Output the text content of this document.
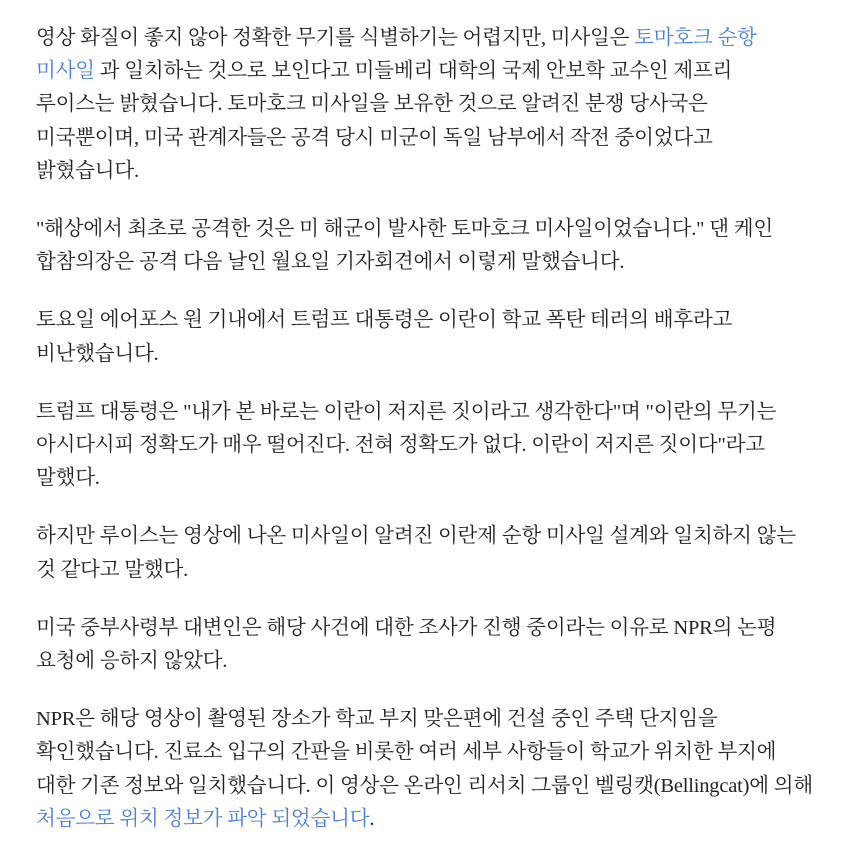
영상 화질이 좋지 않아 정확한 무기를 식별하기는 어렵지만, 미사일은 토마호크 순항 미사일 과 일치하는 것으로 보인다고 미들베리 대학의 국제 안보학 교수인 제프리 루이스는 밝혔습니다. 토마호크 미사일을 보유한 것으로 알려진 분쟁 당사국은 미국뿐이며, 미국 관계자들은 공격 당시 미군이 독일 남부에서 작전 중이었다고 밝혔습니다.

"해상에서 최초로 공격한 것은 미 해군이 발사한 토마호크 미사일이었습니다." 댄 케인 합참의장은 공격 다음 날인 월요일 기자회견에서 이렇게 말했습니다.

토요일 에어포스 원 기내에서 트럼프 대통령은 이란이 학교 폭탄 테러의 배후라고 비난했습니다.

트럼프 대통령은 "내가 본 바로는 이란이 저지른 짓이라고 생각한다"며 "이란의 무기는 아시다시피 정확도가 매우 떨어진다. 전혀 정확도가 없다. 이란이 저지른 짓이다"라고 말했다.

하지만 루이스는 영상에 나온 미사일이 알려진 이란제 순항 미사일 설계와 일치하지 않는 것 같다고 말했다.

미국 중부사령부 대변인은 해당 사건에 대한 조사가 진행 중이라는 이유로 NPR의 논평 요청에 응하지 않았다.

NPR은 해당 영상이 촬영된 장소가 학교 부지 맞은편에 건설 중인 주택 단지임을 확인했습니다. 진료소 입구의 간판을 비롯한 여러 세부 사항들이 학교가 위치한 부지에 대한 기존 정보와 일치했습니다. 이 영상은 온라인 리서치 그룹인 벨링캣(Bellingcat)에 의해 처음으로 위치 정보가 파악 되었습니다.
